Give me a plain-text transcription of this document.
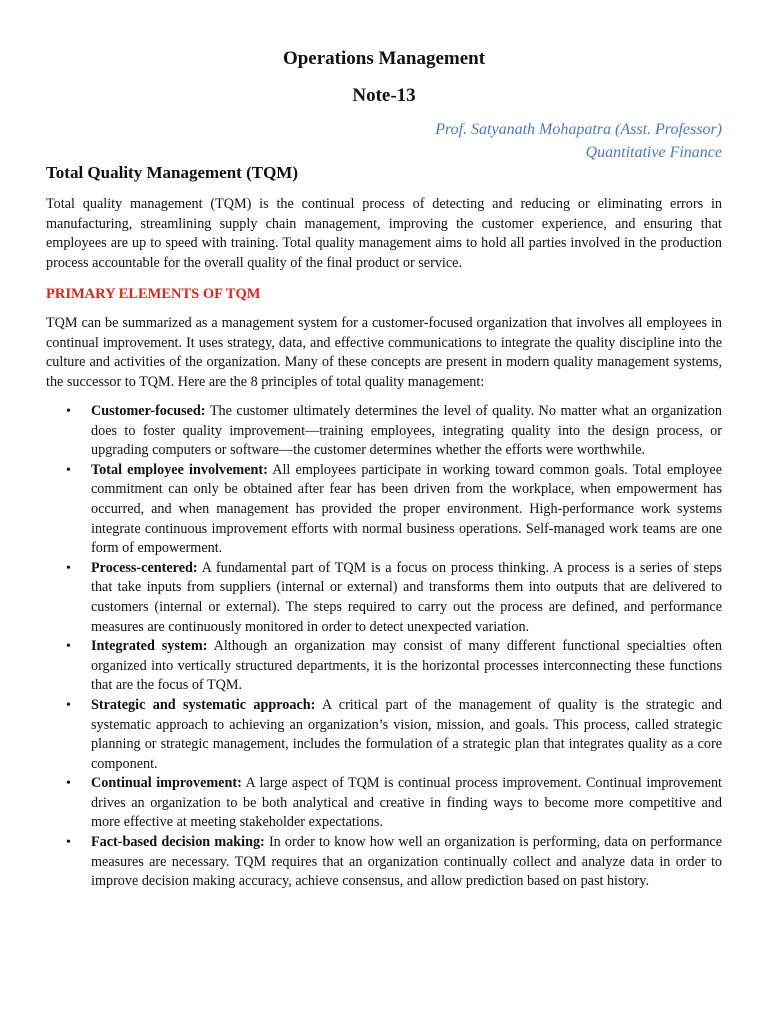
Operations Management
Note-13

Prof. Satyanath Mohapatra (Asst. Professor)

Quantitative Finance

Total Quality Management (TQM)

Total quality management (TQM) is the continual process of detecting and reducing or eliminating errors in manufacturing, streamlining supply chain management, improving the customer experience, and ensuring that employees are up to speed with training. Total quality management aims to hold all parties involved in the production process accountable for the overall quality of the final product or service.

PRIMARY ELEMENTS OF TQM

TQM can be summarized as a management system for a customer-focused organization that involves all employees in continual improvement. It uses strategy, data, and effective communications to integrate the quality discipline into the culture and activities of the organization. Many of these concepts are present in modern quality management systems, the successor to TQM. Here are the 8 principles of total quality management:

• Customer-focused: The customer ultimately determines the level of quality. No matter what an organization does to foster quality improvement—training employees, integrating quality into the design process, or upgrading computers or software—the customer determines whether the efforts were worthwhile.
• Total employee involvement: All employees participate in working toward common goals. Total employee commitment can only be obtained after fear has been driven from the workplace, when empowerment has occurred, and when management has provided the proper environment. High-performance work systems integrate continuous improvement efforts with normal business operations. Self-managed work teams are one form of empowerment.
• Process-centered: A fundamental part of TQM is a focus on process thinking. A process is a series of steps that take inputs from suppliers (internal or external) and transforms them into outputs that are delivered to customers (internal or external). The steps required to carry out the process are defined, and performance measures are continuously monitored in order to detect unexpected variation.
• Integrated system: Although an organization may consist of many different functional specialties often organized into vertically structured departments, it is the horizontal processes interconnecting these functions that are the focus of TQM.
• Strategic and systematic approach: A critical part of the management of quality is the strategic and systematic approach to achieving an organization’s vision, mission, and goals. This process, called strategic planning or strategic management, includes the formulation of a strategic plan that integrates quality as a core component.
• Continual improvement: A large aspect of TQM is continual process improvement. Continual improvement drives an organization to be both analytical and creative in finding ways to become more competitive and more effective at meeting stakeholder expectations.
• Fact-based decision making: In order to know how well an organization is performing, data on performance measures are necessary. TQM requires that an organization continually collect and analyze data in order to improve decision making accuracy, achieve consensus, and allow prediction based on past history.
